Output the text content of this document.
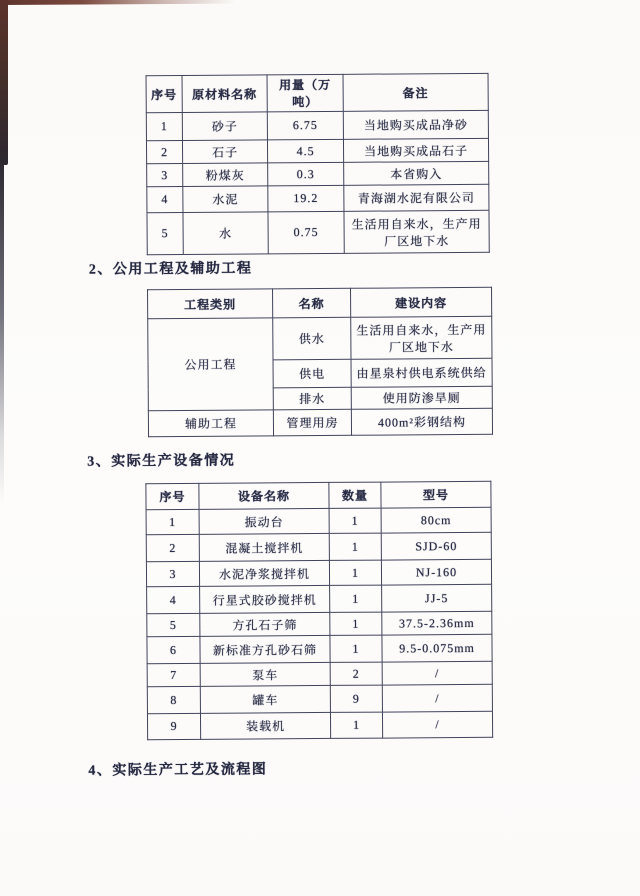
序号	原材料名称	用量（万吨）	备注
1	砂子	6.75	当地购买成品净砂
2	石子	4.5	当地购买成品石子
3	粉煤灰	0.3	本省购入
4	水泥	19.2	青海湖水泥有限公司
5	水	0.75	生活用自来水，生产用厂区地下水
2、公用工程及辅助工程
工程类别	名称	建设内容
公用工程	供水	生活用自来水，生产用厂区地下水
	供电	由星泉村供电系统供给
	排水	使用防渗旱厕
辅助工程	管理用房	400m²彩钢结构
3、实际生产设备情况
序号	设备名称	数量	型号
1	振动台	1	80cm
2	混凝土搅拌机	1	SJD-60
3	水泥净浆搅拌机	1	NJ-160
4	行星式胶砂搅拌机	1	JJ-5
5	方孔石子筛	1	37.5-2.36mm
6	新标准方孔砂石筛	1	9.5-0.075mm
7	泵车	2	/
8	罐车	9	/
9	装载机	1	/
4、实际生产工艺及流程图
